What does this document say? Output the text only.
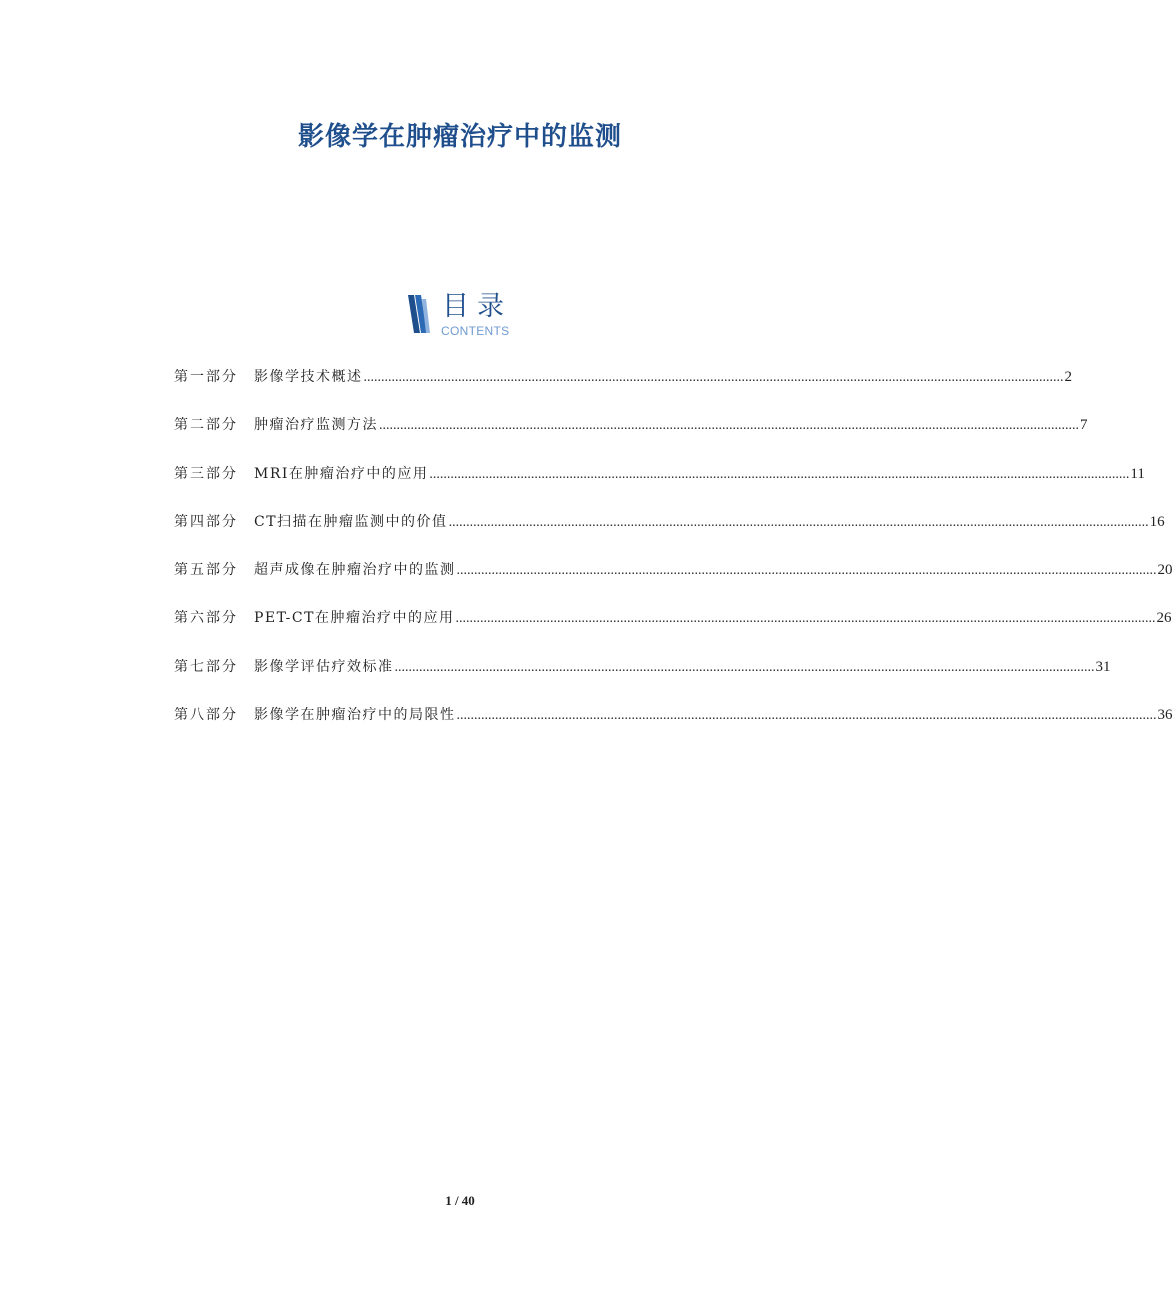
影像学在肿瘤治疗中的监测
目录
CONTENTS
第一部分 影像学技术概述 ........................................................................................................................................................................................................ 2
第二部分 肿瘤治疗监测方法 ........................................................................................................................................................................................................ 7
第三部分 MRI在肿瘤治疗中的应用 ........................................................................................................................................................................................................ 11
第四部分 CT扫描在肿瘤监测中的价值 ........................................................................................................................................................................................................ 16
第五部分 超声成像在肿瘤治疗中的监测 ........................................................................................................................................................................................................ 20
第六部分 PET-CT在肿瘤治疗中的应用 ........................................................................................................................................................................................................ 26
第七部分 影像学评估疗效标准 ........................................................................................................................................................................................................ 31
第八部分 影像学在肿瘤治疗中的局限性 ........................................................................................................................................................................................................ 36
1 / 40
